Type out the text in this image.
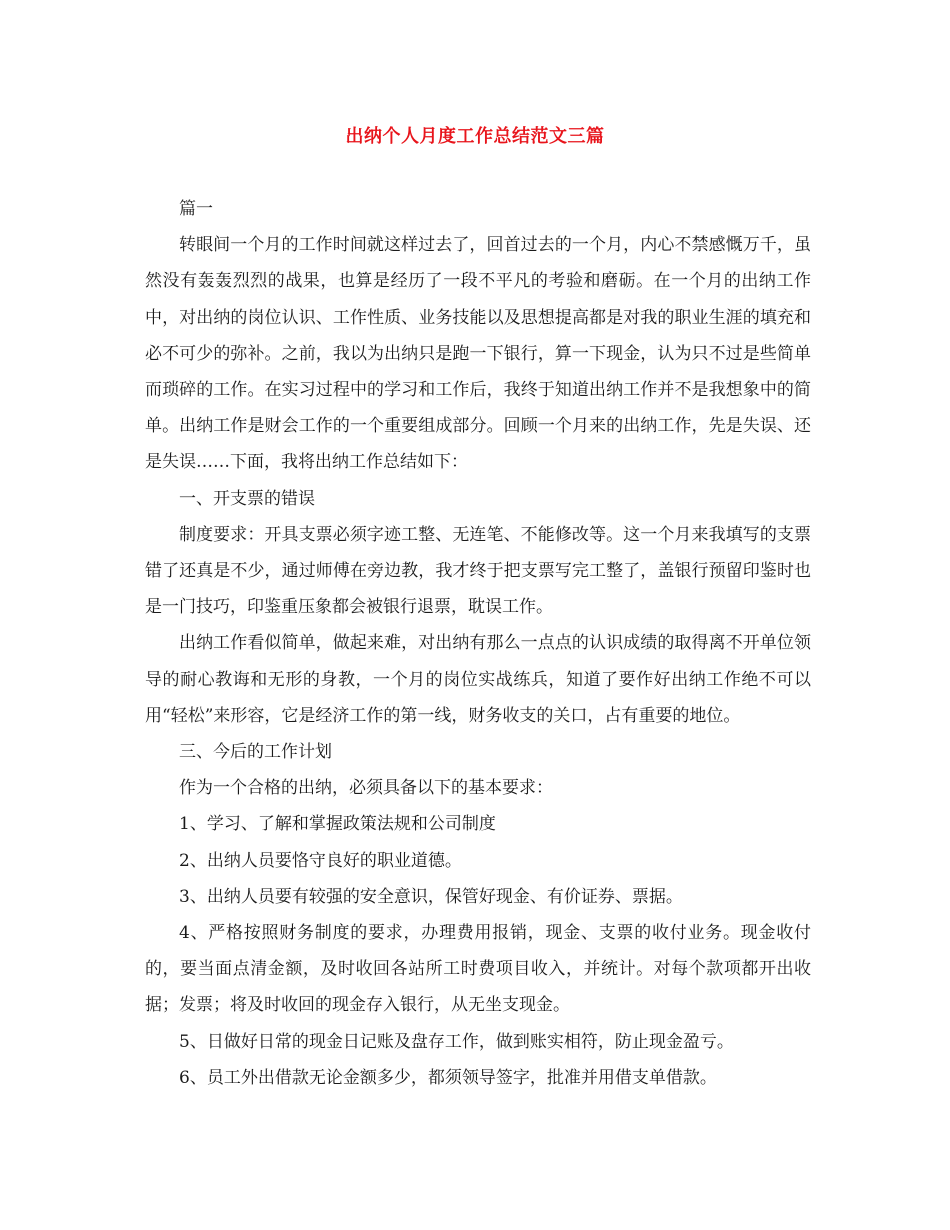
出纳个人月度工作总结范文三篇

篇一

转眼间一个月的工作时间就这样过去了，回首过去的一个月，内心不禁感慨万千，虽然没有轰轰烈烈的战果，也算是经历了一段不平凡的考验和磨砺。在一个月的出纳工作中，对出纳的岗位认识、工作性质、业务技能以及思想提高都是对我的职业生涯的填充和必不可少的弥补。之前，我以为出纳只是跑一下银行，算一下现金，认为只不过是些简单而琐碎的工作。在实习过程中的学习和工作后，我终于知道出纳工作并不是我想象中的简单。出纳工作是财会工作的一个重要组成部分。回顾一个月来的出纳工作，先是失误、还是失误……下面，我将出纳工作总结如下：

一、开支票的错误

制度要求：开具支票必须字迹工整、无连笔、不能修改等。这一个月来我填写的支票错了还真是不少，通过师傅在旁边教，我才终于把支票写完工整了，盖银行预留印鉴时也是一门技巧，印鉴重压象都会被银行退票，耽误工作。

出纳工作看似简单，做起来难，对出纳有那么一点点的认识成绩的取得离不开单位领导的耐心教诲和无形的身教，一个月的岗位实战练兵，知道了要作好出纳工作绝不可以用“轻松”来形容，它是经济工作的第一线，财务收支的关口，占有重要的地位。

三、今后的工作计划

作为一个合格的出纳，必须具备以下的基本要求：

1、学习、了解和掌握政策法规和公司制度

2、出纳人员要恪守良好的职业道德。

3、出纳人员要有较强的安全意识，保管好现金、有价证券、票据。

4、严格按照财务制度的要求，办理费用报销，现金、支票的收付业务。现金收付的，要当面点清金额，及时收回各站所工时费项目收入，并统计。对每个款项都开出收据；发票；将及时收回的现金存入银行，从无坐支现金。

5、日做好日常的现金日记账及盘存工作，做到账实相符，防止现金盈亏。

6、员工外出借款无论金额多少，都须领导签字，批准并用借支单借款。
